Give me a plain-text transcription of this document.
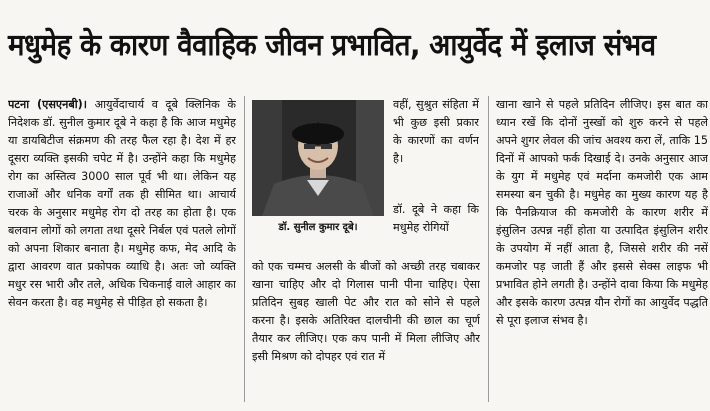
मधुमेह के कारण वैवाहिक जीवन प्रभावित, आयुर्वेद में इलाज संभव

पटना (एसएनबी)। आयुर्वेदाचार्य व दूबे क्लिनिक के निदेशक डॉ. सुनील कुमार दूबे ने कहा है कि आज मधुमेह या डायबिटीज संक्रमण की तरह फैल रहा है। देश में हर दूसरा व्यक्ति इसकी चपेट में है। उन्होंने कहा कि मधुमेह रोग का अस्तित्व 3000 साल पूर्व भी था। लेकिन यह राजाओं और धनिक वर्गों तक ही सीमित था। आचार्य चरक के अनुसार मधुमेह रोग दो तरह का होता है। एक बलवान लोगों को लगता तथा दूसरे निर्बल एवं पतले लोगों को अपना शिकार बनाता है। मधुमेह कफ, मेद आदि के द्वारा आवरण वात प्रकोपक व्याधि है। अतः जो व्यक्ति मधुर रस भारी और तले, अधिक चिकनाई वाले आहार का सेवन करता है। वह मधुमेह से पीड़ित हो सकता है।

डॉ. सुनील कुमार दूबे।

वहीं, सुश्रुत संहिता में भी कुछ इसी प्रकार के कारणों का वर्णन है।

डॉ. दूबे ने कहा कि मधुमेह रोगियों

को एक चम्मच अलसी के बीजों को अच्छी तरह चबाकर खाना चाहिए और दो गिलास पानी पीना चाहिए। ऐसा प्रतिदिन सुबह खाली पेट और रात को सोने से पहले करना है। इसके अतिरिक्त दालचीनी की छाल का चूर्ण तैयार कर लीजिए। एक कप पानी में मिला लीजिए और इसी मिश्रण को दोपहर एवं रात में

खाना खाने से पहले प्रतिदिन लीजिए। इस बात का ध्यान रखें कि दोनों नुस्खों को शुरु करने से पहले अपने शुगर लेवल की जांच अवश्य करा लें, ताकि 15 दिनों में आपको फर्क दिखाई दे। उनके अनुसार आज के युग में मधुमेह एवं मर्दाना कमजोरी एक आम समस्या बन चुकी है। मधुमेह का मुख्य कारण यह है कि पैनक्रियाज की कमजोरी के कारण शरीर में इंसुलिन उत्पन्न नहीं होता या उत्पादित इंसुलिन शरीर के उपयोग में नहीं आता है, जिससे शरीर की नसें कमजोर पड़ जाती हैं और इससे सेक्स लाइफ भी प्रभावित होने लगती है। उन्होंने दावा किया कि मधुमेह और इसके कारण उत्पन्न यौन रोगों का आयुर्वेद पद्धति से पूरा इलाज संभव है।
